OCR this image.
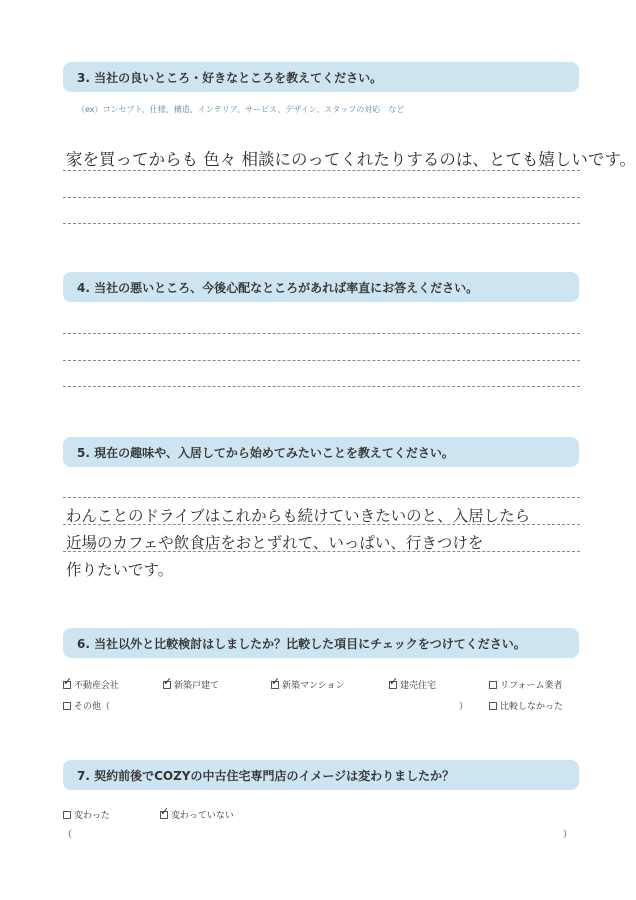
3. 当社の良いところ・好きなところを教えてください。
（ex）コンセプト、仕様、構造、インテリア、サービス、デザイン、スタッフの対応　など
家を買ってからも 色々 相談にのってくれたりするのは、とても嬉しいです。
4. 当社の悪いところ、今後心配なところがあれば率直にお答えください。
5. 現在の趣味や、入居してから始めてみたいことを教えてください。
わんことのドライブはこれからも続けていきたいのと、入居したら
近場のカフェや飲食店をおとずれて、いっぱい、行きつけを
作りたいです。
6. 当社以外と比較検討はしましたか？比較した項目にチェックをつけてください。
✓ 不動産会社	✓ 新築戸建て	✓ 新築マンション	✓ 建売住宅	リフォーム業者
その他（	）	比較しなかった
7. 契約前後でCOZYの中古住宅専門店のイメージは変わりましたか？
変わった	✓ 変わっていない
（	）
